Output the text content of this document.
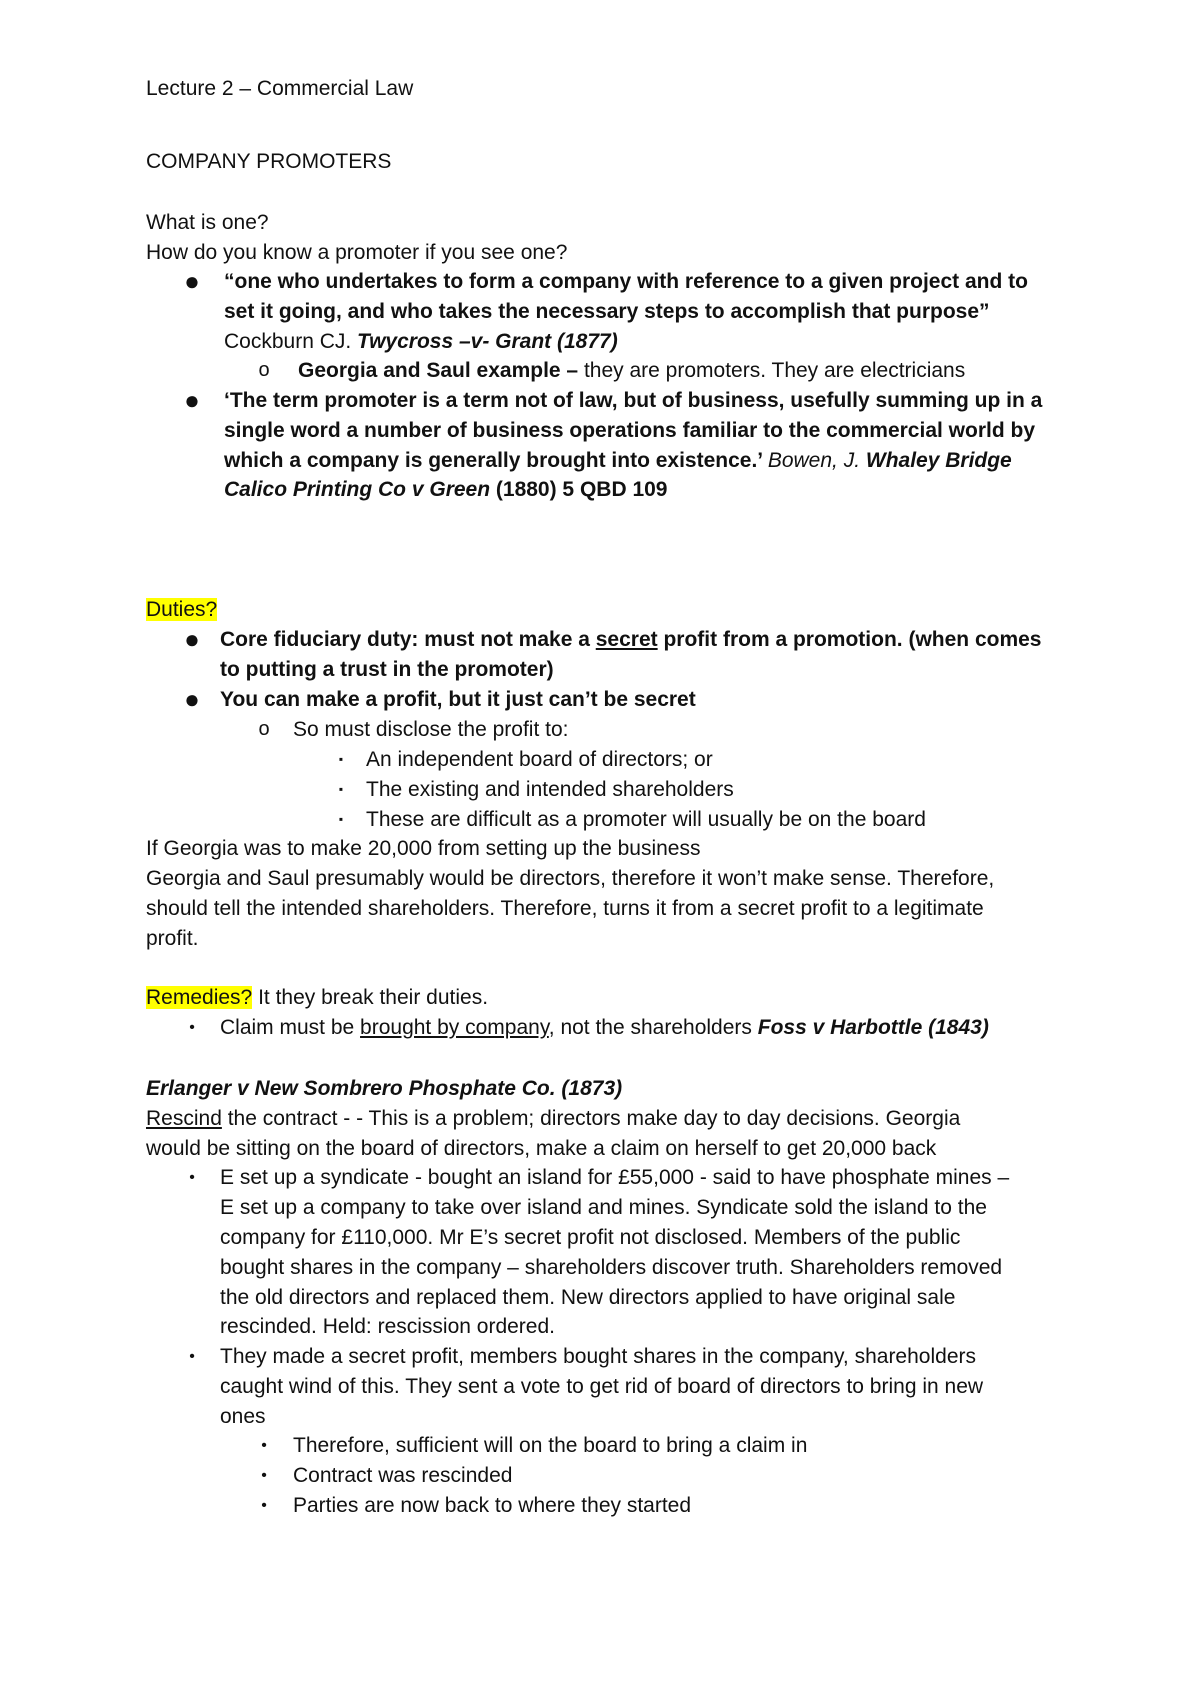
Lecture 2 – Commercial Law
COMPANY PROMOTERS
What is one?
How do you know a promoter if you see one?
● “one who undertakes to form a company with reference to a given project and to
set it going, and who takes the necessary steps to accomplish that purpose”
Cockburn CJ. Twycross –v- Grant (1877)
o Georgia and Saul example – they are promoters. They are electricians
● ‘The term promoter is a term not of law, but of business, usefully summing up in a
single word a number of business operations familiar to the commercial world by
which a company is generally brought into existence.’ Bowen, J. Whaley Bridge
Calico Printing Co v Green (1880) 5 QBD 109
Duties?
● Core fiduciary duty: must not make a secret profit from a promotion. (when comes
to putting a trust in the promoter)
● You can make a profit, but it just can’t be secret
o So must disclose the profit to:
▪ An independent board of directors; or
▪ The existing and intended shareholders
▪ These are difficult as a promoter will usually be on the board
If Georgia was to make 20,000 from setting up the business
Georgia and Saul presumably would be directors, therefore it won’t make sense. Therefore,
should tell the intended shareholders. Therefore, turns it from a secret profit to a legitimate
profit.
Remedies? It they break their duties.
• Claim must be brought by company, not the shareholders Foss v Harbottle (1843)
Erlanger v New Sombrero Phosphate Co. (1873)
Rescind the contract - - This is a problem; directors make day to day decisions. Georgia
would be sitting on the board of directors, make a claim on herself to get 20,000 back
• E set up a syndicate - bought an island for £55,000 - said to have phosphate mines –
E set up a company to take over island and mines. Syndicate sold the island to the
company for £110,000. Mr E’s secret profit not disclosed. Members of the public
bought shares in the company – shareholders discover truth. Shareholders removed
the old directors and replaced them. New directors applied to have original sale
rescinded. Held: rescission ordered.
• They made a secret profit, members bought shares in the company, shareholders
caught wind of this. They sent a vote to get rid of board of directors to bring in new
ones
• Therefore, sufficient will on the board to bring a claim in
• Contract was rescinded
• Parties are now back to where they started
